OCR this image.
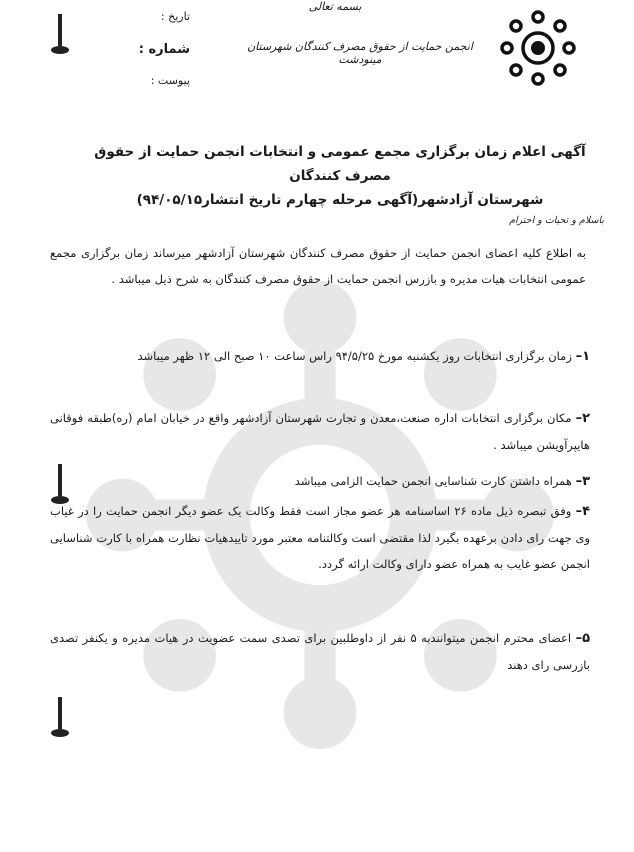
بسمه تعالی
انجمن حمایت از حقوق مصرف کنندگان شهرستان مینودشت
تاریخ :
شماره :
پیوست :
آگهی اعلام زمان برگزاری مجمع عمومی و انتخابات انجمن حمایت از حقوق مصرف کنندگان
شهرستان آزادشهر(آگهی مرحله چهارم تاریخ انتشار۹۴/۰۵/۱۵)
باسلام و تحیات و احترام
به اطلاع کلیه اعضای انجمن حمایت از حقوق مصرف کنندگان شهرستان آزادشهر میرساند زمان برگزاری مجمع عمومی انتخابات هیات مدیره و بازرس انجمن حمایت از حقوق مصرف کنندگان به شرح ذیل میباشد .
۱– زمان برگزاری انتخابات روز یکشنبه مورخ ۹۴/۵/۲۵ راس ساعت ۱۰ صبح الی ۱۲ ظهر میباشد
۲– مکان برگزاری انتخابات اداره صنعت،معدن و تجارت شهرستان آزادشهر واقع در خیابان امام (ره)طبقه فوقانی هایپرآویشن میباشد .
۳– همراه داشتن کارت شناسایی انجمن حمایت الزامی میباشد
۴– وفق تبصره ذیل ماده ۲۶ اساسنامه هر عضو مجاز است فقط وکالت یک عضو دیگر انجمن حمایت را در غیاب وی جهت رای دادن برعهده بگیرد لذا مقتضی است وکالتنامه معتبر مورد تاییدهیات نظارت همراه با کارت شناسایی انجمن عضو غایب به همراه عضو دارای وکالت ارائه گردد.
۵– اعضای محترم انجمن میتوانندبه ۵ نفر از داوطلبین برای تصدی سمت عضویت در هیات مدیره و یکنفر تصدی بازرسی رای دهند
